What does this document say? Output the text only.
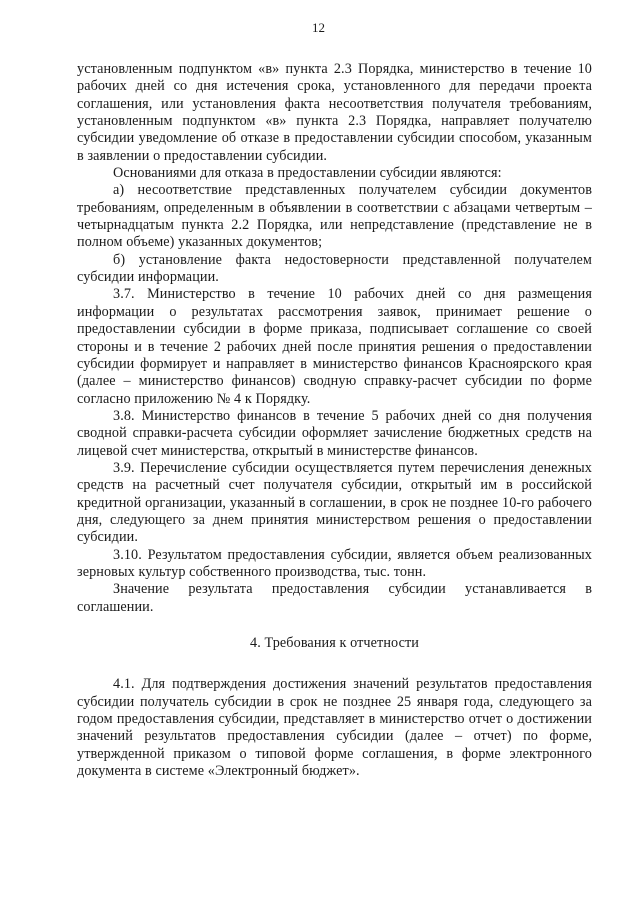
12

установленным подпунктом «в» пункта 2.3 Порядка, министерство в течение 10 рабочих дней со дня истечения срока, установленного для передачи проекта соглашения, или установления факта несоответствия получателя требованиям, установленным подпунктом «в» пункта 2.3 Порядка, направляет получателю субсидии уведомление об отказе в предоставлении субсидии способом, указанным в заявлении о предоставлении субсидии.

Основаниями для отказа в предоставлении субсидии являются:

а) несоответствие представленных получателем субсидии документов требованиям, определенным в объявлении в соответствии с абзацами четвертым – четырнадцатым пункта 2.2 Порядка, или непредставление (представление не в полном объеме) указанных документов;

б) установление факта недостоверности представленной получателем субсидии информации.

3.7. Министерство в течение 10 рабочих дней со дня размещения информации о результатах рассмотрения заявок, принимает решение о предоставлении субсидии в форме приказа, подписывает соглашение со своей стороны и в течение 2 рабочих дней после принятия решения о предоставлении субсидии формирует и направляет в министерство финансов Красноярского края (далее – министерство финансов) сводную справку-расчет субсидии по форме согласно приложению № 4 к Порядку.

3.8. Министерство финансов в течение 5 рабочих дней со дня получения сводной справки-расчета субсидии оформляет зачисление бюджетных средств на лицевой счет министерства, открытый в министерстве финансов.

3.9. Перечисление субсидии осуществляется путем перечисления денежных средств на расчетный счет получателя субсидии, открытый им в российской кредитной организации, указанный в соглашении, в срок не позднее 10-го рабочего дня, следующего за днем принятия министерством решения о предоставлении субсидии.

3.10. Результатом предоставления субсидии, является объем реализованных зерновых культур собственного производства, тыс. тонн.

Значение результата предоставления субсидии устанавливается в соглашении.

4. Требования к отчетности

4.1. Для подтверждения достижения значений результатов предоставления субсидии получатель субсидии в срок не позднее 25 января года, следующего за годом предоставления субсидии, представляет в министерство отчет о достижении значений результатов предоставления субсидии (далее – отчет) по форме, утвержденной приказом о типовой форме соглашения, в форме электронного документа в системе «Электронный бюджет».
